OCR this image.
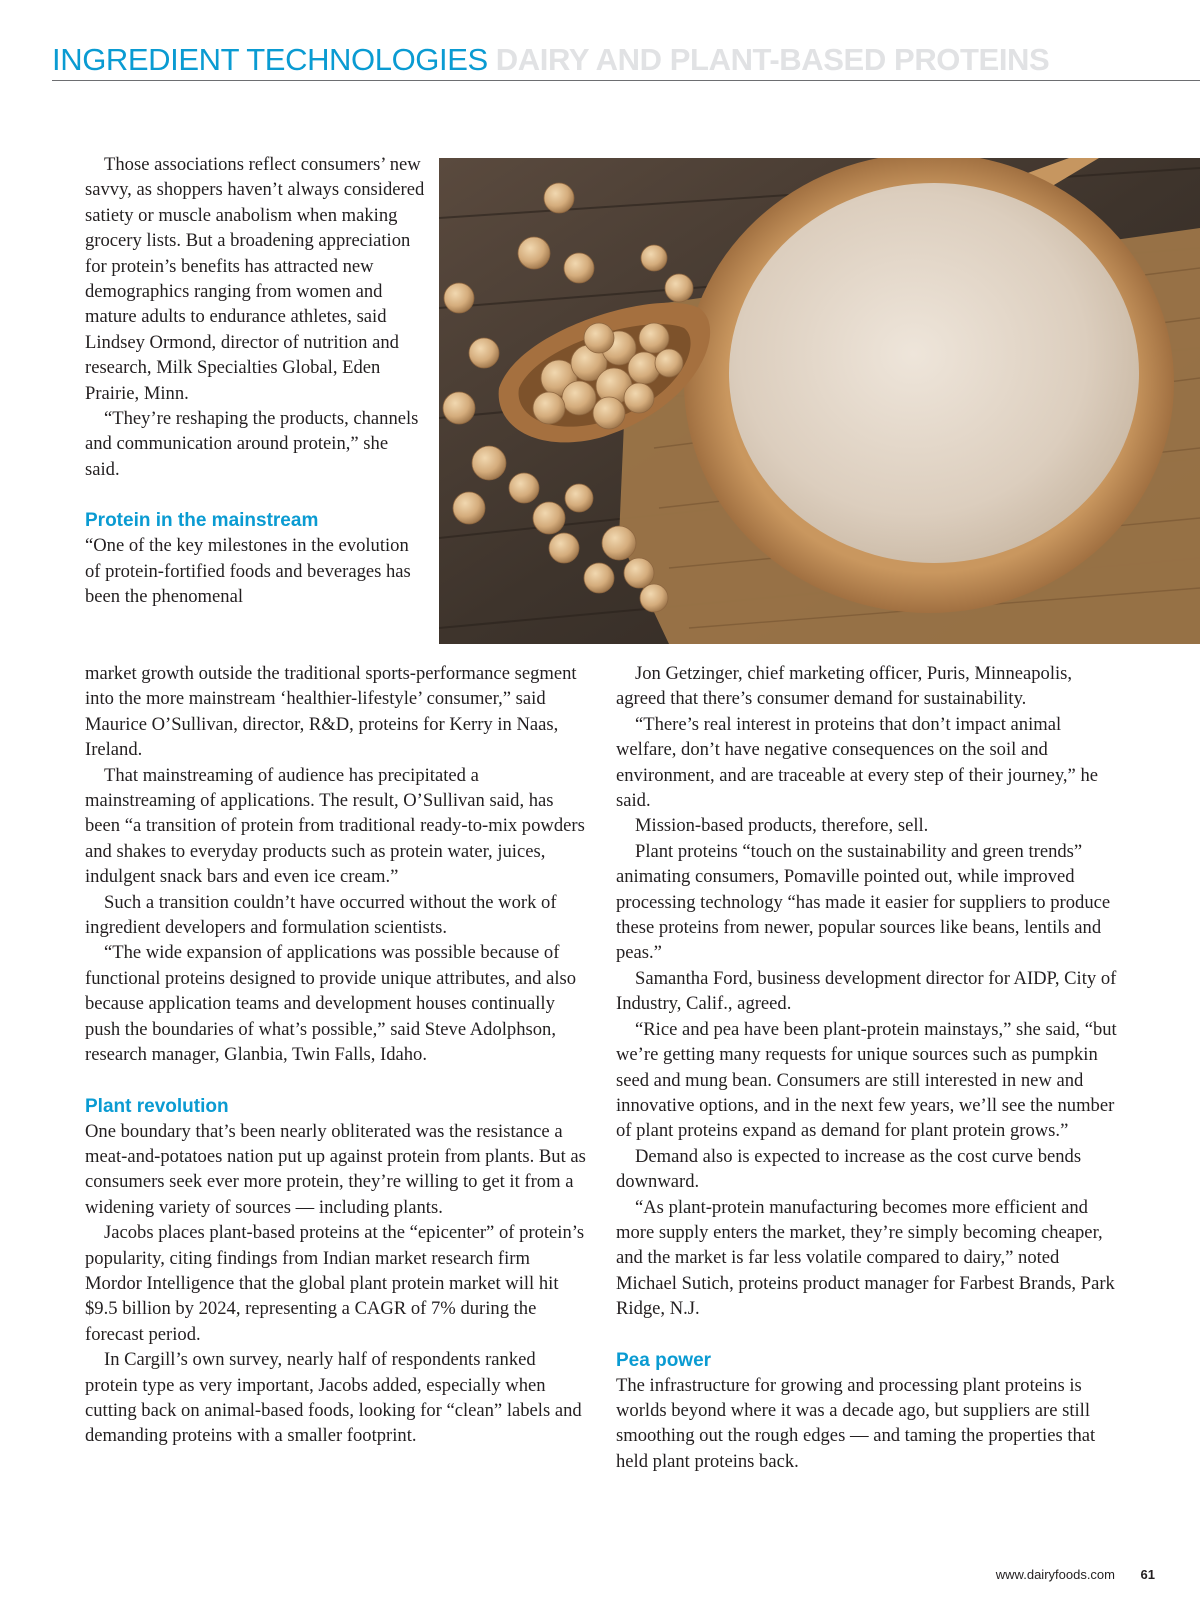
INGREDIENT TECHNOLOGIES DAIRY AND PLANT-BASED PROTEINS

Those associations reflect consumers’ new savvy, as shoppers haven’t always considered satiety or muscle anabolism when making grocery lists. But a broadening appreciation for protein’s benefits has attracted new demographics ranging from women and mature adults to endurance athletes, said Lindsey Ormond, director of nutrition and research, Milk Specialties Global, Eden Prairie, Minn.

“They’re reshaping the products, channels and communication around protein,” she said.

Protein in the mainstream

“One of the key milestones in the evolution of protein-fortified foods and beverages has been the phenomenal

market growth outside the traditional sports-performance segment into the more mainstream ‘healthier-lifestyle’ consumer,” said Maurice O’Sullivan, director, R&D, proteins for Kerry in Naas, Ireland.

That mainstreaming of audience has precipitated a mainstreaming of applications. The result, O’Sullivan said, has been “a transition of protein from traditional ready-to-mix powders and shakes to everyday products such as protein water, juices, indulgent snack bars and even ice cream.”

Such a transition couldn’t have occurred without the work of ingredient developers and formulation scientists.

“The wide expansion of applications was possible because of functional proteins designed to provide unique attributes, and also because application teams and development houses continually push the boundaries of what’s possible,” said Steve Adolphson, research manager, Glanbia, Twin Falls, Idaho.

Plant revolution

One boundary that’s been nearly obliterated was the resistance a meat-and-potatoes nation put up against protein from plants. But as consumers seek ever more protein, they’re willing to get it from a widening variety of sources — including plants.

Jacobs places plant-based proteins at the “epicenter” of protein’s popularity, citing findings from Indian market research firm Mordor Intelligence that the global plant protein market will hit $9.5 billion by 2024, representing a CAGR of 7% during the forecast period.

In Cargill’s own survey, nearly half of respondents ranked protein type as very important, Jacobs added, especially when cutting back on animal-based foods, looking for “clean” labels and demanding proteins with a smaller footprint.

Jon Getzinger, chief marketing officer, Puris, Minneapolis, agreed that there’s consumer demand for sustainability.

“There’s real interest in proteins that don’t impact animal welfare, don’t have negative consequences on the soil and environment, and are traceable at every step of their journey,” he said.

Mission-based products, therefore, sell.

Plant proteins “touch on the sustainability and green trends” animating consumers, Pomaville pointed out, while improved processing technology “has made it easier for suppliers to produce these proteins from newer, popular sources like beans, lentils and peas.”

Samantha Ford, business development director for AIDP, City of Industry, Calif., agreed.

“Rice and pea have been plant-protein mainstays,” she said, “but we’re getting many requests for unique sources such as pumpkin seed and mung bean. Consumers are still interested in new and innovative options, and in the next few years, we’ll see the number of plant proteins expand as demand for plant protein grows.”

Demand also is expected to increase as the cost curve bends downward.

“As plant-protein manufacturing becomes more efficient and more supply enters the market, they’re simply becoming cheaper, and the market is far less volatile compared to dairy,” noted Michael Sutich, proteins product manager for Farbest Brands, Park Ridge, N.J.

Pea power

The infrastructure for growing and processing plant proteins is worlds beyond where it was a decade ago, but suppliers are still smoothing out the rough edges — and taming the properties that held plant proteins back.

www.dairyfoods.com 61
